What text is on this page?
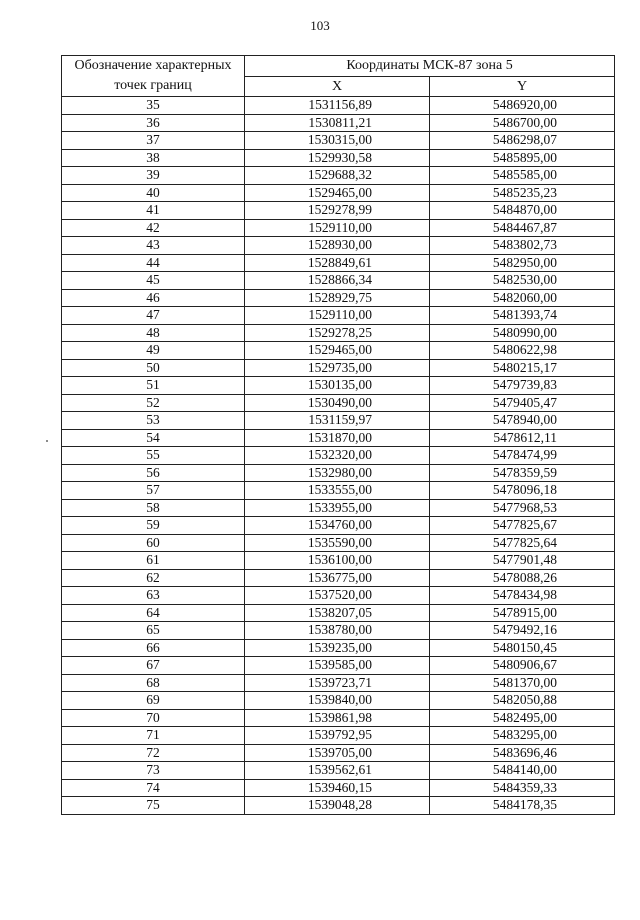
103
Обозначение характерных точек границ	Координаты МСК-87 зона 5	
	X	Y
35	1531156,89	5486920,00
36	1530811,21	5486700,00
37	1530315,00	5486298,07
38	1529930,58	5485895,00
39	1529688,32	5485585,00
40	1529465,00	5485235,23
41	1529278,99	5484870,00
42	1529110,00	5484467,87
43	1528930,00	5483802,73
44	1528849,61	5482950,00
45	1528866,34	5482530,00
46	1528929,75	5482060,00
47	1529110,00	5481393,74
48	1529278,25	5480990,00
49	1529465,00	5480622,98
50	1529735,00	5480215,17
51	1530135,00	5479739,83
52	1530490,00	5479405,47
53	1531159,97	5478940,00
54	1531870,00	5478612,11
55	1532320,00	5478474,99
56	1532980,00	5478359,59
57	1533555,00	5478096,18
58	1533955,00	5477968,53
59	1534760,00	5477825,67
60	1535590,00	5477825,64
61	1536100,00	5477901,48
62	1536775,00	5478088,26
63	1537520,00	5478434,98
64	1538207,05	5478915,00
65	1538780,00	5479492,16
66	1539235,00	5480150,45
67	1539585,00	5480906,67
68	1539723,71	5481370,00
69	1539840,00	5482050,88
70	1539861,98	5482495,00
71	1539792,95	5483295,00
72	1539705,00	5483696,46
73	1539562,61	5484140,00
74	1539460,15	5484359,33
75	1539048,28	5484178,35
